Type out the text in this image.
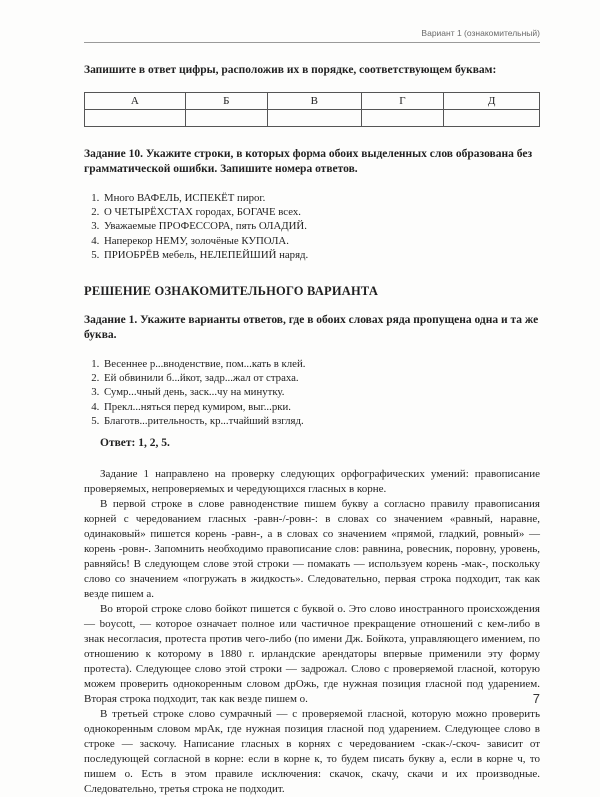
Вариант 1 (ознакомительный)

Запишите в ответ цифры, расположив их в порядке, соответствующем буквам:

А	Б	В	Г	Д

Задание 10. Укажите строки, в которых форма обоих выделенных слов образована без грамматической ошибки. Запишите номера ответов.

1. Много ВАФЕЛЬ, ИСПЕКЁТ пирог.
2. О ЧЕТЫРЁХСТАХ городах, БОГАЧЕ всех.
3. Уважаемые ПРОФЕССОРА, пять ОЛАДИЙ.
4. Наперекор НЕМУ, золочёные КУПОЛА.
5. ПРИОБРЁВ мебель, НЕЛЕПЕЙШИЙ наряд.
РЕШЕНИЕ ОЗНАКОМИТЕЛЬНОГО ВАРИАНТА

Задание 1. Укажите варианты ответов, где в обоих словах ряда пропущена одна и та же буква.

1. Весеннее р...вноденствие, пом...кать в клей.
2. Ей обвинили б...йкот, задр...жал от страха.
3. Сумр...чный день, заск...чу на минутку.
4. Прекл...няться перед кумиром, выг...рки.
5. Благотв...рительность, кр...тчайший взгляд.
Ответ: 1, 2, 5.

Задание 1 направлено на проверку следующих орфографических умений: правописание проверяемых, непроверяемых и чередующихся гласных в корне.

В первой строке в слове равноденствие пишем букву а согласно правилу правописания корней с чередованием гласных -равн-/-ровн-: в словах со значением «равный, наравне, одинаковый» пишется корень -равн-, а в словах со значением «прямой, гладкий, ровный» — корень -ровн-. Запомнить необходимо правописание слов: равнина, ровесник, поровну, уровень, равняйсь! В следующем слове этой строки — помакать — используем корень -мак-, поскольку слово со значением «погружать в жидкость». Следовательно, первая строка подходит, так как везде пишем а.

Во второй строке слово бойкот пишется с буквой о. Это слово иностранного происхождения — boycott, — которое означает полное или частичное прекращение отношений с кем-либо в знак несогласия, протеста против чего-либо (по имени Дж. Бойкота, управляющего имением, по отношению к которому в 1880 г. ирландские арендаторы впервые применили эту форму протеста). Следующее слово этой строки — задрожал. Слово с проверяемой гласной, которую можем проверить однокоренным словом дрОжь, где нужная позиция гласной под ударением. Вторая строка подходит, так как везде пишем о.

В третьей строке слово сумрачный — с проверяемой гласной, которую можно проверить однокоренным словом мрАк, где нужная позиция гласной под ударением. Следующее слово в строке — заскочу. Написание гласных в корнях с чередованием -скак-/-скоч- зависит от последующей согласной в корне: если в корне к, то будем писать букву а, если в корне ч, то пишем о. Есть в этом правиле исключения: скачок, скачу, скачи и их производные. Следовательно, третья строка не подходит.

7
